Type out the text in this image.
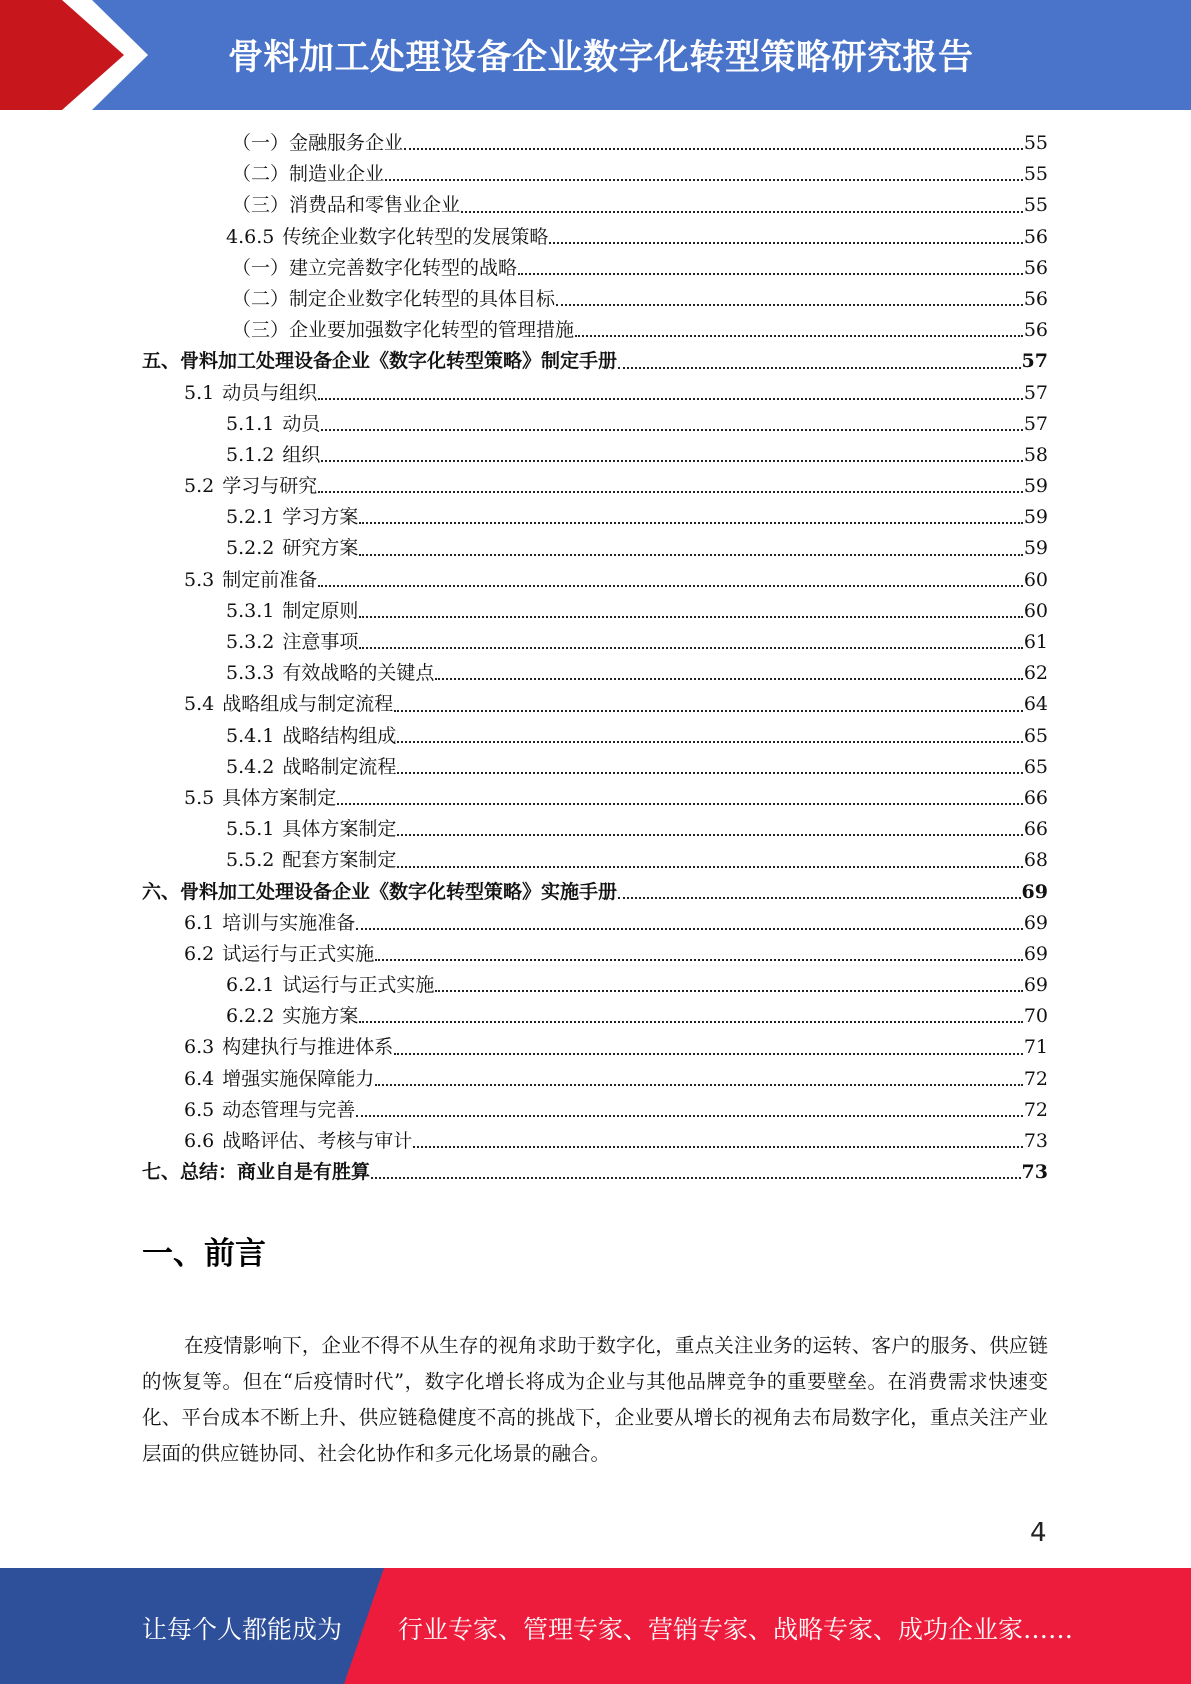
骨料加工处理设备企业数字化转型策略研究报告
（一）金融服务企业	55
（二）制造业企业	55
（三）消费品和零售业企业	55
4.6.5 传统企业数字化转型的发展策略	56
（一）建立完善数字化转型的战略	56
（二）制定企业数字化转型的具体目标	56
（三）企业要加强数字化转型的管理措施	56
五、骨料加工处理设备企业《数字化转型策略》制定手册	57
5.1 动员与组织	57
5.1.1 动员	57
5.1.2 组织	58
5.2 学习与研究	59
5.2.1 学习方案	59
5.2.2 研究方案	59
5.3 制定前准备	60
5.3.1 制定原则	60
5.3.2 注意事项	61
5.3.3 有效战略的关键点	62
5.4 战略组成与制定流程	64
5.4.1 战略结构组成	65
5.4.2 战略制定流程	65
5.5 具体方案制定	66
5.5.1 具体方案制定	66
5.5.2 配套方案制定	68
六、骨料加工处理设备企业《数字化转型策略》实施手册	69
6.1 培训与实施准备	69
6.2 试运行与正式实施	69
6.2.1 试运行与正式实施	69
6.2.2 实施方案	70
6.3 构建执行与推进体系	71
6.4 增强实施保障能力	72
6.5 动态管理与完善	72
6.6 战略评估、考核与审计	73
七、总结：商业自是有胜算	73
一、前言
在疫情影响下，企业不得不从生存的视角求助于数字化，重点关注业务的运转、客户的服务、供应链的恢复等。但在“后疫情时代”，数字化增长将成为企业与其他品牌竞争的重要壁垒。在消费需求快速变化、平台成本不断上升、供应链稳健度不高的挑战下，企业要从增长的视角去布局数字化，重点关注产业层面的供应链协同、社会化协作和多元化场景的融合。
4
让每个人都能成为 行业专家、管理专家、营销专家、战略专家、成功企业家……
